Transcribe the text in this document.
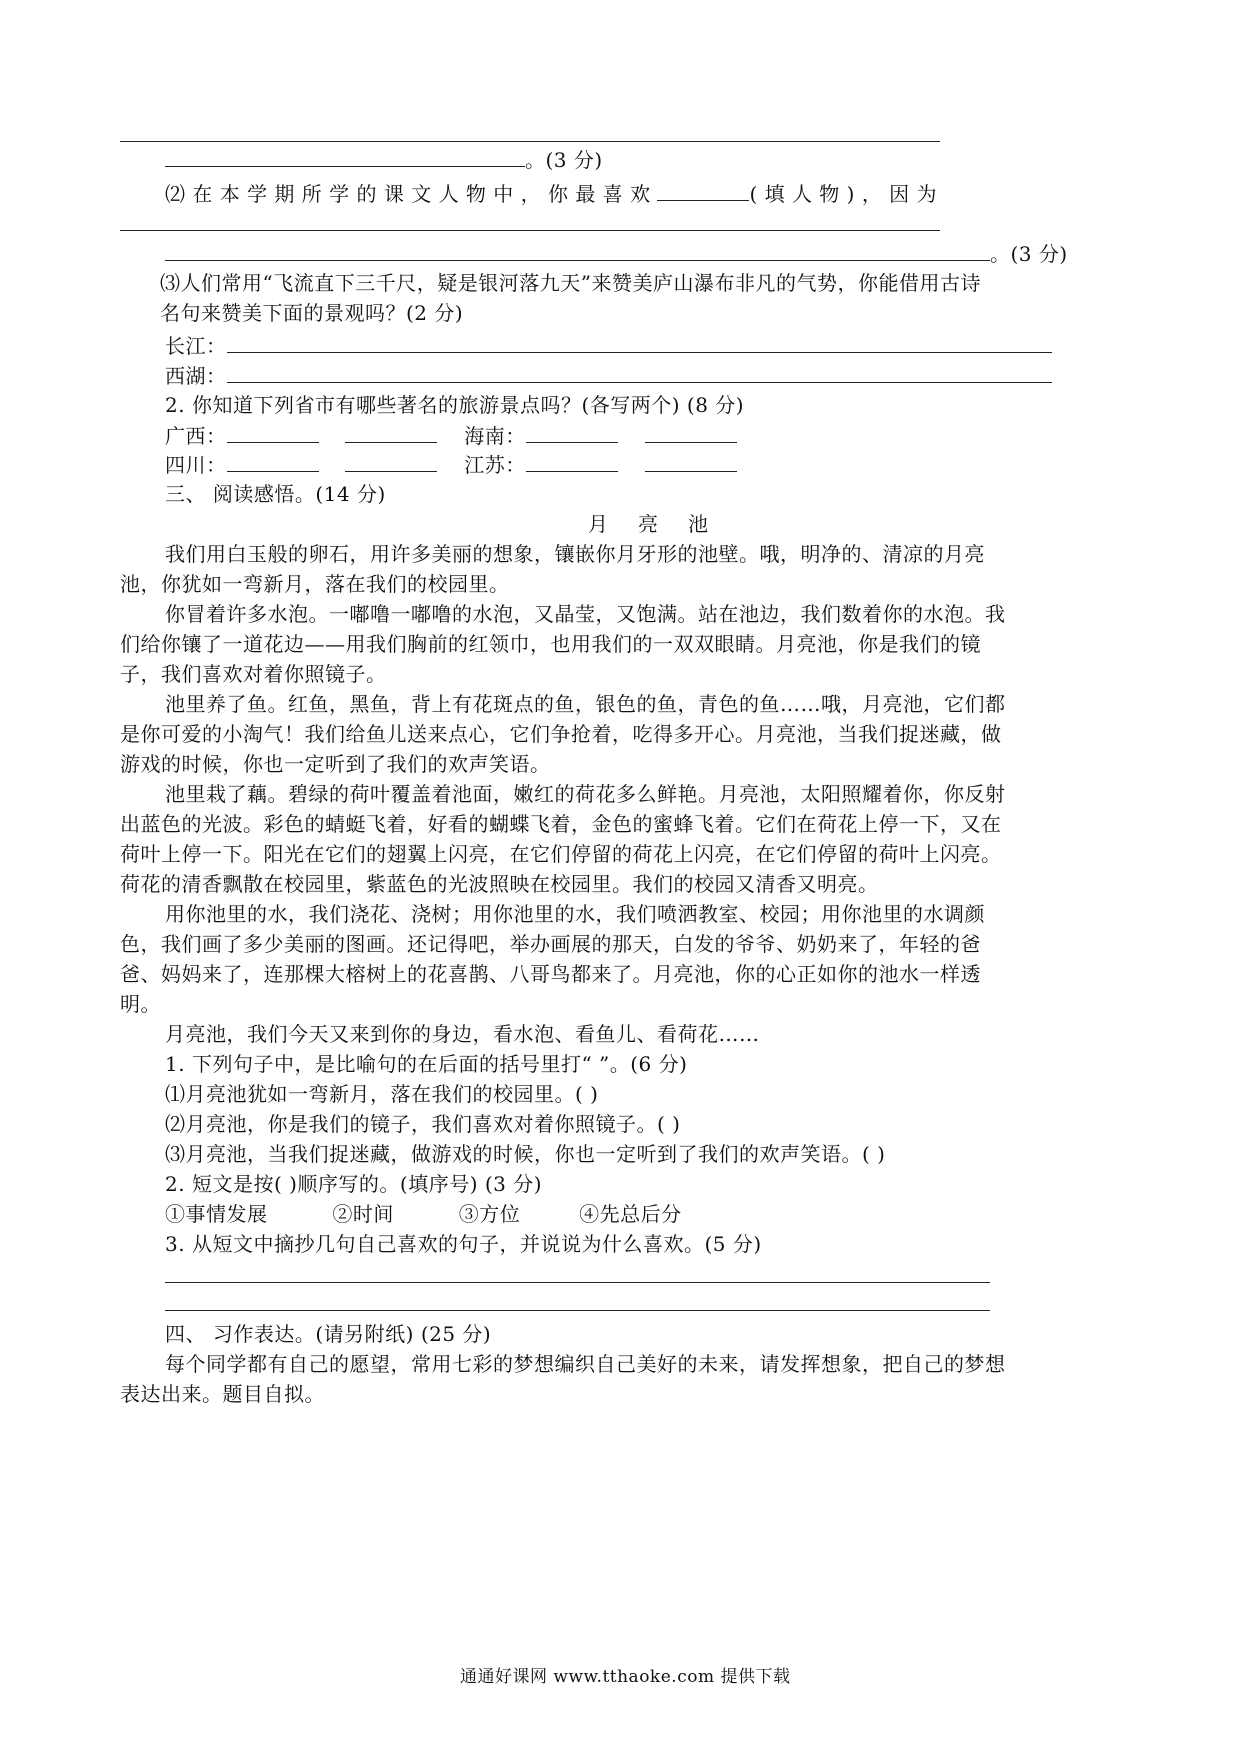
。(3 分)
⑵ 在 本 学 期 所 学 的 课 文 人 物 中 ， 你 最 喜 欢	( 填 人 物 ) ， 因 为
。(3 分)
⑶人们常用“飞流直下三千尺，疑是银河落九天”来赞美庐山瀑布非凡的气势，你能借用古诗
名句来赞美下面的景观吗？(2 分)
长江：
西湖：
2. 你知道下列省市有哪些著名的旅游景点吗？(各写两个) (8 分)
广西：	海南：
四川：	江苏：
三、 阅读感悟。(14 分)
月亮池
我们用白玉般的卵石，用许多美丽的想象，镶嵌你月牙形的池壁。哦，明净的、清凉的月亮
池，你犹如一弯新月，落在我们的校园里。
你冒着许多水泡。一嘟噜一嘟噜的水泡，又晶莹，又饱满。站在池边，我们数着你的水泡。我
们给你镶了一道花边——用我们胸前的红领巾，也用我们的一双双眼睛。月亮池，你是我们的镜
子，我们喜欢对着你照镜子。
池里养了鱼。红鱼，黑鱼，背上有花斑点的鱼，银色的鱼，青色的鱼……哦，月亮池，它们都
是你可爱的小淘气！我们给鱼儿送来点心，它们争抢着，吃得多开心。月亮池，当我们捉迷藏，做
游戏的时候，你也一定听到了我们的欢声笑语。
池里栽了藕。碧绿的荷叶覆盖着池面，嫩红的荷花多么鲜艳。月亮池，太阳照耀着你，你反射
出蓝色的光波。彩色的蜻蜓飞着，好看的蝴蝶飞着，金色的蜜蜂飞着。它们在荷花上停一下，又在
荷叶上停一下。阳光在它们的翅翼上闪亮，在它们停留的荷花上闪亮，在它们停留的荷叶上闪亮。
荷花的清香飘散在校园里，紫蓝色的光波照映在校园里。我们的校园又清香又明亮。
用你池里的水，我们浇花、浇树；用你池里的水，我们喷洒教室、校园；用你池里的水调颜
色，我们画了多少美丽的图画。还记得吧，举办画展的那天，白发的爷爷、奶奶来了，年轻的爸
爸、妈妈来了，连那棵大榕树上的花喜鹊、八哥鸟都来了。月亮池，你的心正如你的池水一样透
明。
月亮池，我们今天又来到你的身边，看水泡、看鱼儿、看荷花……
1. 下列句子中，是比喻句的在后面的括号里打“ ”。(6 分)
⑴月亮池犹如一弯新月，落在我们的校园里。( )
⑵月亮池，你是我们的镜子，我们喜欢对着你照镜子。( )
⑶月亮池，当我们捉迷藏，做游戏的时候，你也一定听到了我们的欢声笑语。( )
2. 短文是按( )顺序写的。(填序号) (3 分)
①事情发展	②时间	③方位	④先总后分
3. 从短文中摘抄几句自己喜欢的句子，并说说为什么喜欢。(5 分)
四、 习作表达。(请另附纸) (25 分)
每个同学都有自己的愿望，常用七彩的梦想编织自己美好的未来，请发挥想象，把自己的梦想
表达出来。题目自拟。
通通好课网 www.tthaoke.com 提供下载
